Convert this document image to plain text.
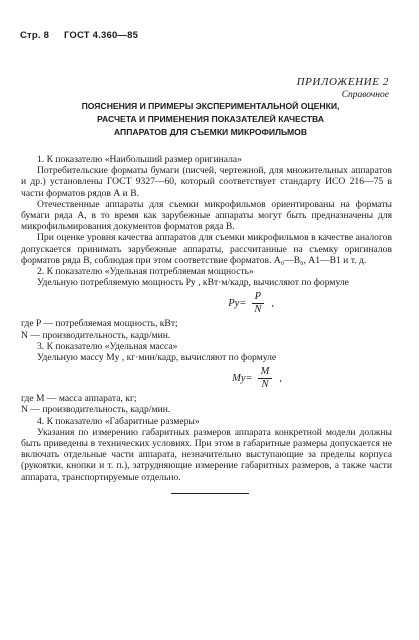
Стр. 8 ГОСТ 4.360—85
ПРИЛОЖЕНИЕ 2
Справочное
ПОЯСНЕНИЯ И ПРИМЕРЫ ЭКСПЕРИМЕНТАЛЬНОЙ ОЦЕНКИ,
РАСЧЕТА И ПРИМЕНЕНИЯ ПОКАЗАТЕЛЕЙ КАЧЕСТВА
АППАРАТОВ ДЛЯ СЪЕМКИ МИКРОФИЛЬМОВ

1. К показателю «Наибольший размер оригинала»

Потребительские форматы бумаги (писчей, чертежной, для множительных аппаратов и др.) установлены ГОСТ 9327—60, который соответствует стандарту ИСО 216—75 в части форматов рядов А и В.

Отечественные аппараты для съемки микрофильмов ориентированы на форматы бумаги ряда А, в то время как зарубежные аппараты могут быть предназначены для микрофильмирования документов форматов ряда В.

При оценке уровня качества аппаратов для съемки микрофильмов в качестве аналогов допускается принимать зарубежные аппараты, рассчитанные на съемку оригиналов форматов ряда В, соблюдая при этом соответствие форматов. А₀—В₀, А1—В1 и т. д.

2. К показателю «Удельная потребляемая мощность»

Удельную потребляемую мощность Pу , кВт·м/кадр, вычисляют по формуле

$Pу= \frac{P}{N}$ ,

где P — потребляемая мощность, кВт;

N — производительность, кадр/мин.

3. К показателю «Удельная масса»

Удельную массу Mу , кг·мин/кадр, вычисляют по формуле

$Mу= \frac{M}{N}$ ,

где M — масса аппарата, кг;

N — производительность, кадр/мин.

4. К показателю «Габаритные размеры»

Указания по измерению габаритных размеров аппарата конкретной модели должны быть приведены в технических условиях. При этом в габаритные размеры допускается не включать отдельные части аппарата, незначительно выступающие за пределы корпуса (рукоятки, кнопки и т. п.), затрудняющие измерение габаритных размеров, а также части аппарата, транспортируемые отдельно.
